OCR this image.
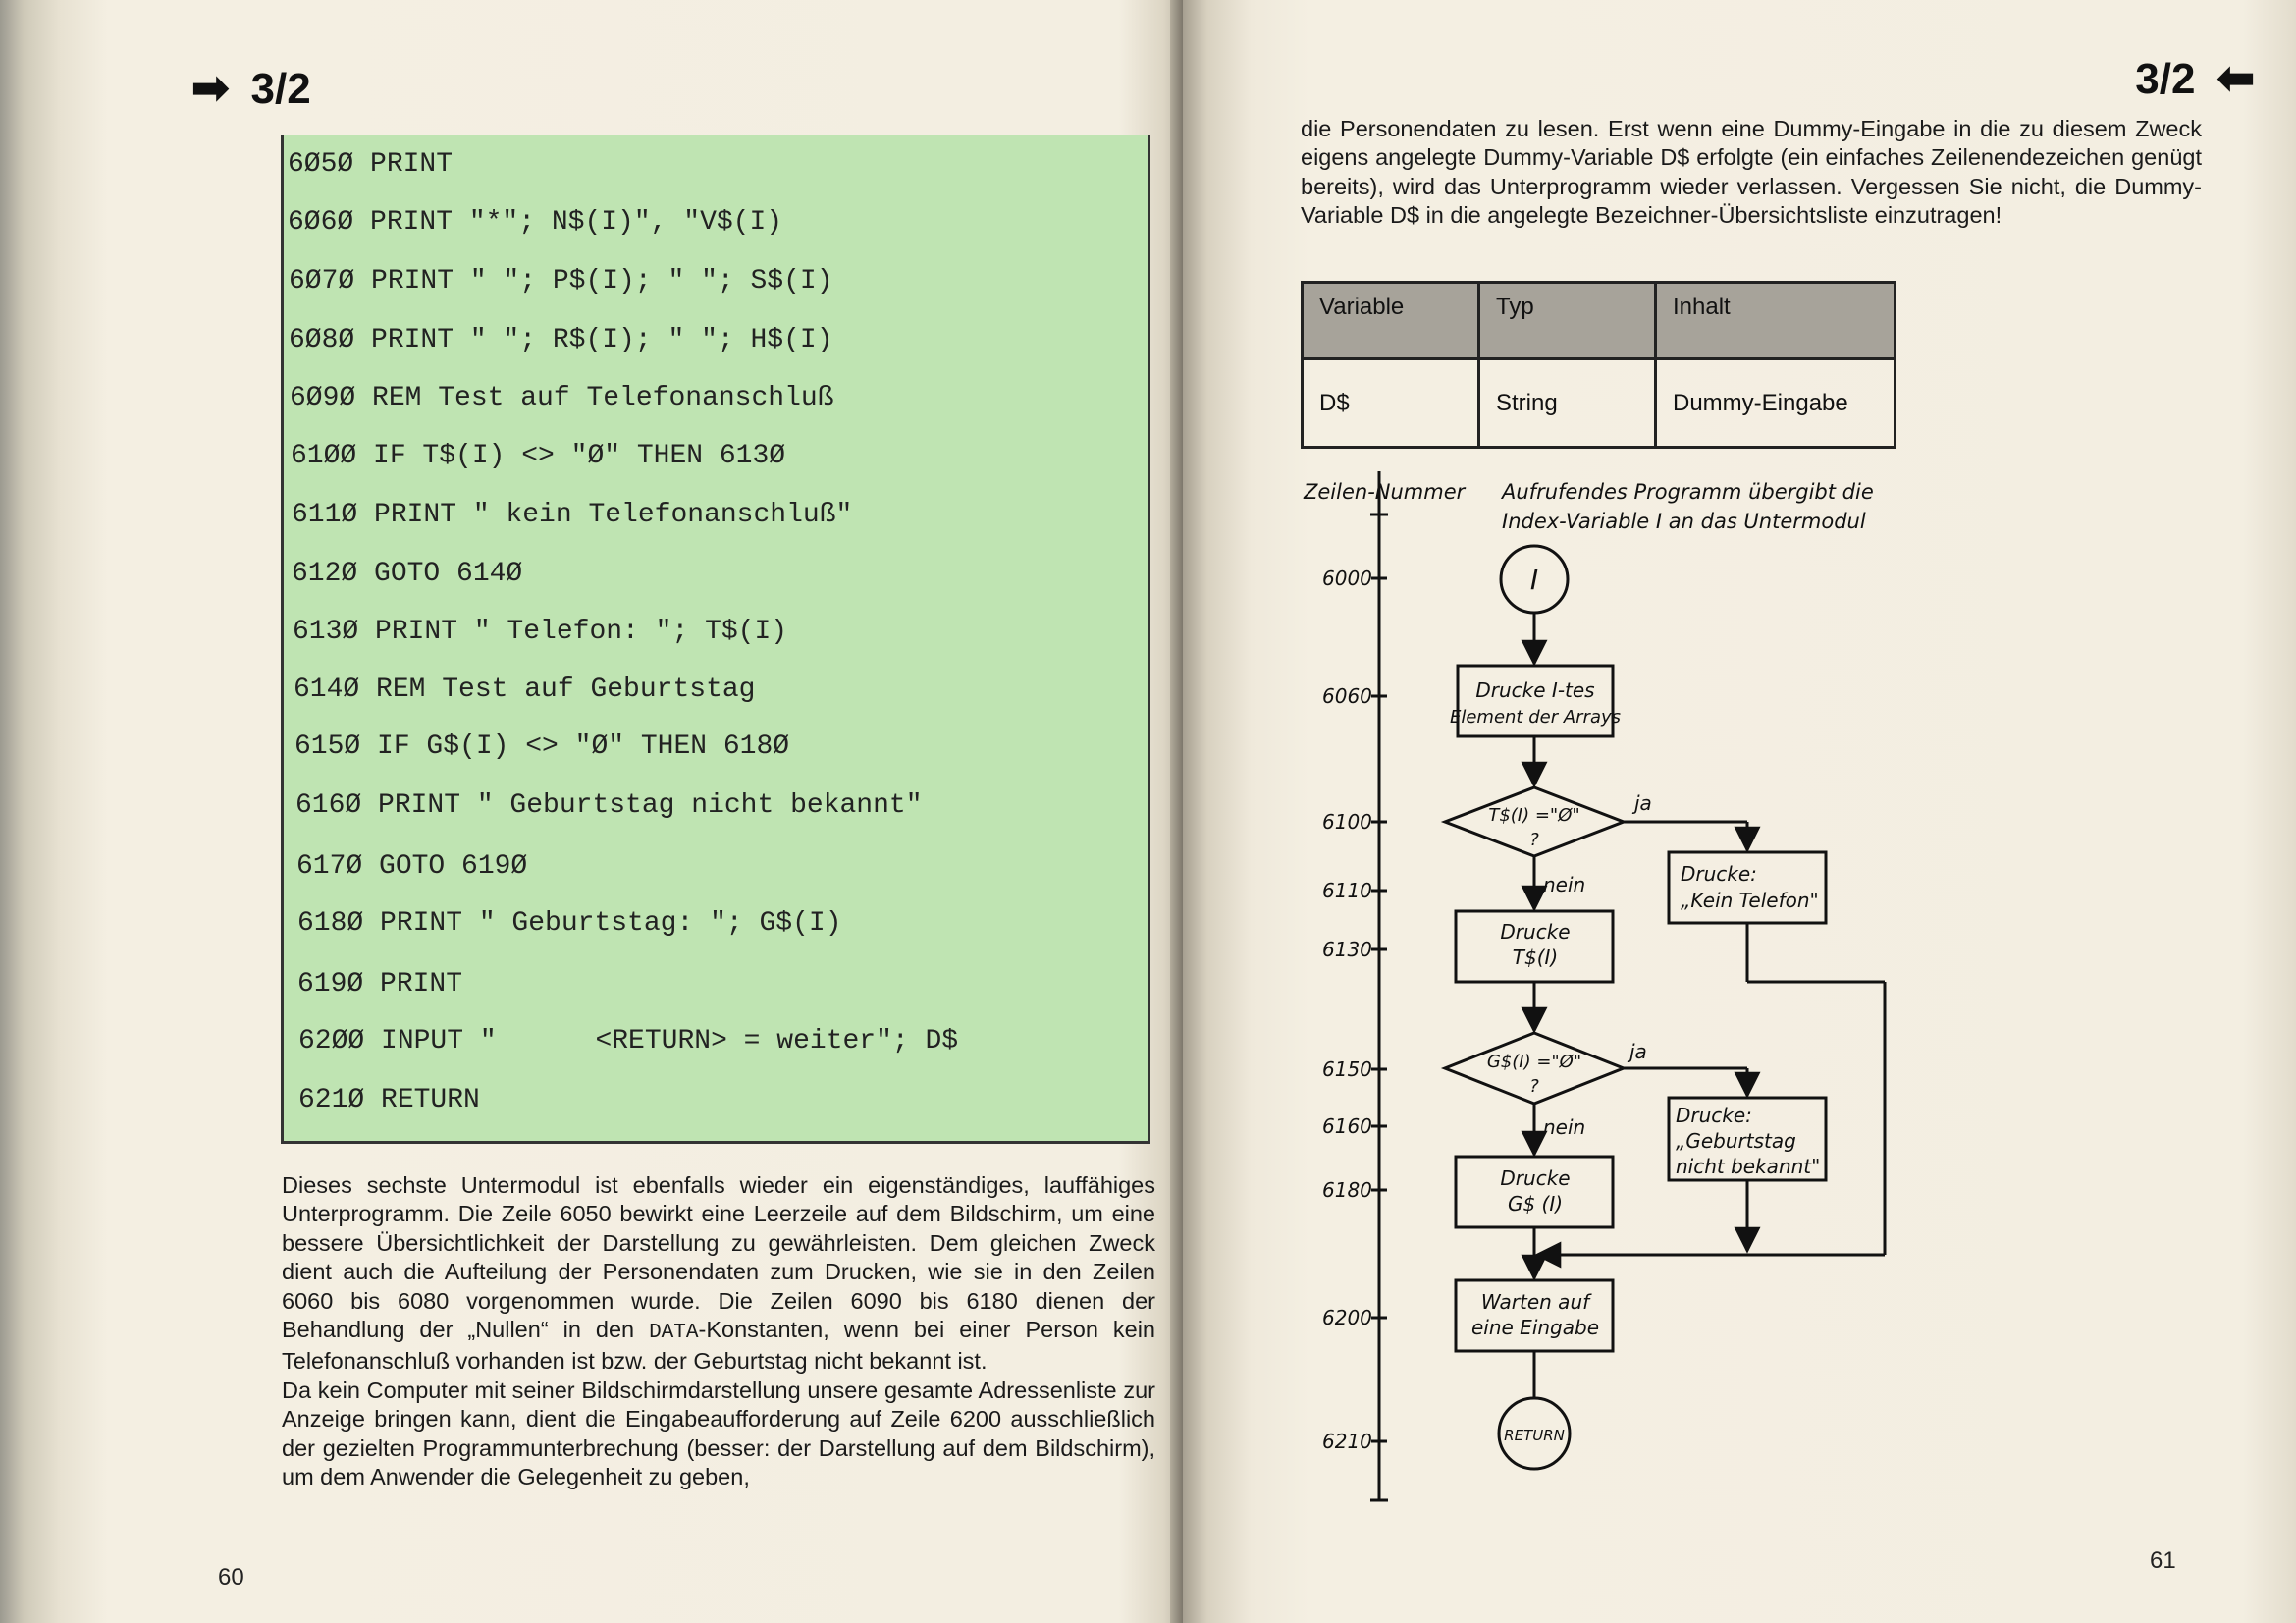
➡ 3/2
6Ø5Ø PRINT
6Ø6Ø PRINT "*"; N$(I)", "V$(I)
6Ø7Ø PRINT " "; P$(I); " "; S$(I)
6Ø8Ø PRINT " "; R$(I); " "; H$(I)
6Ø9Ø REM Test auf Telefonanschluß
61ØØ IF T$(I) <> "Ø" THEN 613Ø
611Ø PRINT " kein Telefonanschluß"
612Ø GOTO 614Ø
613Ø PRINT " Telefon: "; T$(I)
614Ø REM Test auf Geburtstag
615Ø IF G$(I) <> "Ø" THEN 618Ø
616Ø PRINT " Geburtstag nicht bekannt"
617Ø GOTO 619Ø
618Ø PRINT " Geburtstag: "; G$(I)
619Ø PRINT
62ØØ INPUT "      <RETURN> = weiter"; D$
621Ø RETURN

Dieses sechste Untermodul ist ebenfalls wieder ein eigenständiges, lauffähiges Unterprogramm. Die Zeile 6050 bewirkt eine Leerzeile auf dem Bildschirm, um eine bessere Übersichtlichkeit der Darstellung zu gewährleisten. Dem gleichen Zweck dient auch die Aufteilung der Personendaten zum Drucken, wie sie in den Zeilen 6060 bis 6080 vorgenommen wurde. Die Zeilen 6090 bis 6180 dienen der Behandlung der „Nullen“ in den DATA-Konstanten, wenn bei einer Person kein Telefonanschluß vorhanden ist bzw. der Geburtstag nicht bekannt ist.

Da kein Computer mit seiner Bildschirmdarstellung unsere gesamte Adressenliste zur Anzeige bringen kann, dient die Eingabeaufforderung auf Zeile 6200 ausschließlich der gezielten Programmunterbrechung (besser: der Darstellung auf dem Bildschirm), um dem Anwender die Gelegenheit zu geben,

60
3/2 ⬅

die Personendaten zu lesen. Erst wenn eine Dummy-Eingabe in die zu diesem Zweck eigens angelegte Dummy-Variable D$ erfolgte (ein einfaches Zeilenendezeichen genügt bereits), wird das Unterprogramm wieder verlassen. Vergessen Sie nicht, die Dummy-Variable D$ in die angelegte Bezeichner-Übersichtsliste einzutragen!

Variable	Typ	Inhalt
D$	String	Dummy-Eingabe
Zeilen-Nummer Aufrufendes Programm übergibt die
Index-Variable I an das Untermodul
6000
6060
6100
6110
6130
6150
6160
6180
6200
6210
I
Drucke I-tes
Element der Arrays
T$(I) ="Ø"
?
ja
nein	Drucke:
„Kein Telefon"
Drucke
T$(I)
G$(I) ="Ø"
?
ja
nein	Drucke:
„Geburtstag
nicht bekannt"
Drucke
G$ (I)
Warten auf
eine Eingabe
RETURN
61
